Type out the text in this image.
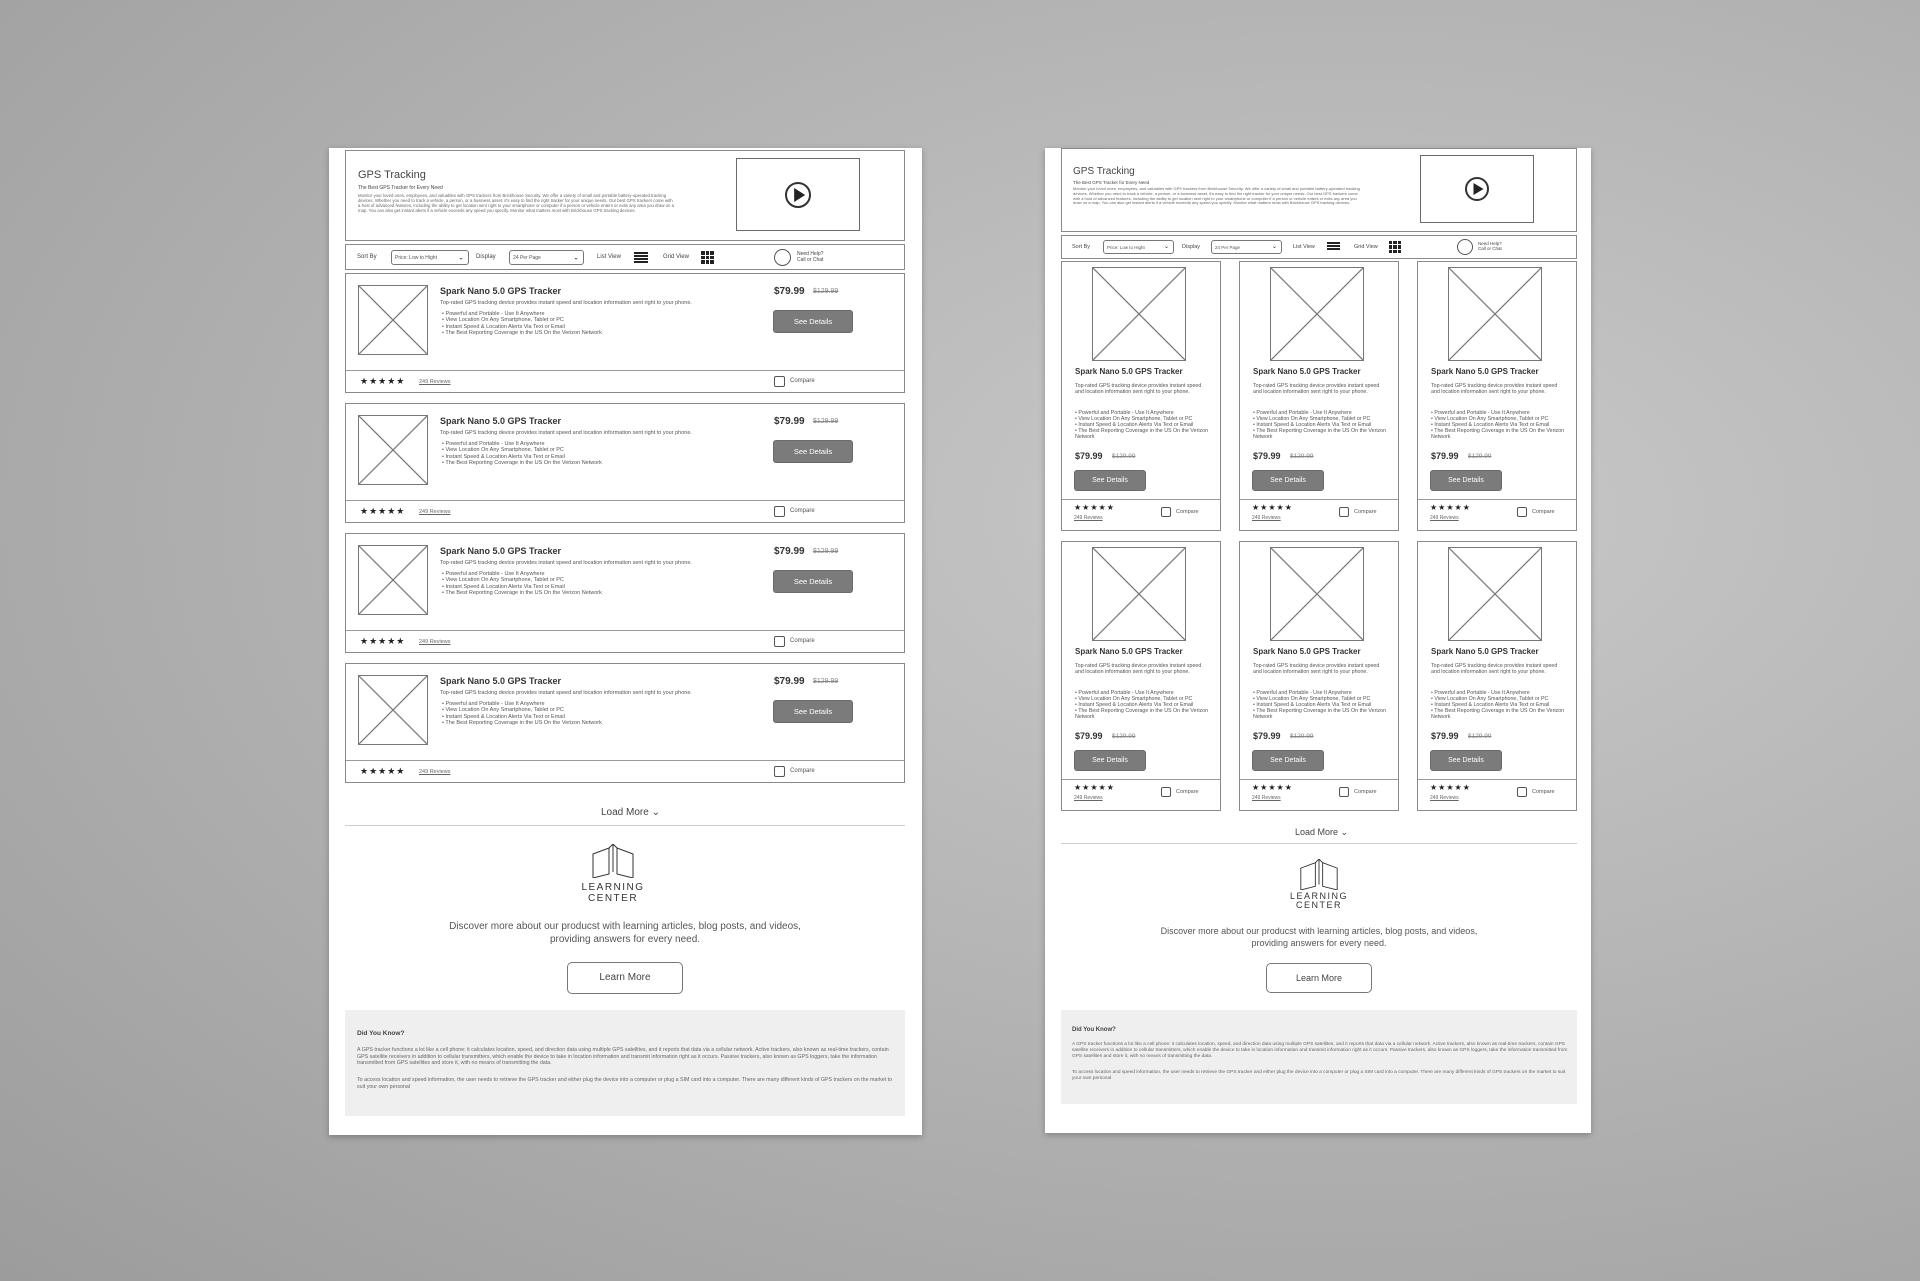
GPS Tracking
The Best GPS Tracker for Every Need
Monitor your loved ones, employees, and valuables with GPS trackers from Brickhouse Security. We offer a variety of small and portable battery-operated tracking devices. Whether you need to track a vehicle, a person, or a business asset, it's easy to find the right tracker for your unique needs. Our best GPS trackers come with a host of advanced features, including the ability to get location sent right to your smartphone or computer if a person or vehicle enters or exits any area you draw on a map. You can also get instant alerts if a vehicle exceeds any speed you specify. Monitor what matters most with Brickhouse GPS tracking devices.
Sort By	Price: Low to Hight	⌄ Display	24 Per Page	⌄	List View	Grid View	Need Help?
Call or Chat
Spark Nano 5.0 GPS Tracker
Top-rated GPS tracking device provides instant speed and location information sent right to your phone.
• Powerful and Portable - Use It Anywhere
• View Location On Any Smartphone, Tablet or PC
• Instant Speed & Location Alerts Via Text or Email
• The Best Reporting Coverage in the US On the Verizon Network
$79.99 $129.99
See Details
★★★★★ 249 Reviews	Compare
Spark Nano 5.0 GPS Tracker
Top-rated GPS tracking device provides instant speed and location information sent right to your phone.
• Powerful and Portable - Use It Anywhere
• View Location On Any Smartphone, Tablet or PC
• Instant Speed & Location Alerts Via Text or Email
• The Best Reporting Coverage in the US On the Verizon Network
$79.99 $129.99
See Details
★★★★★ 249 Reviews	Compare
Spark Nano 5.0 GPS Tracker
Top-rated GPS tracking device provides instant speed and location information sent right to your phone.
• Powerful and Portable - Use It Anywhere
• View Location On Any Smartphone, Tablet or PC
• Instant Speed & Location Alerts Via Text or Email
• The Best Reporting Coverage in the US On the Verizon Network
$79.99 $129.99
See Details
★★★★★ 249 Reviews	Compare
Spark Nano 5.0 GPS Tracker
Top-rated GPS tracking device provides instant speed and location information sent right to your phone.
• Powerful and Portable - Use It Anywhere
• View Location On Any Smartphone, Tablet or PC
• Instant Speed & Location Alerts Via Text or Email
• The Best Reporting Coverage in the US On the Verizon Network
$79.99 $129.99
See Details
★★★★★ 249 Reviews	Compare
Load More ⌄
LEARNING
CENTER
Discover more about our producst with learning articles, blog posts, and videos, providing answers for every need.
Learn More
Did You Know?
A GPS tracker functions a lot like a cell phone: it calculates location, speed, and direction data using multiple GPS satellites, and it reports that data via a cellular network. Active trackers, also known as real-time trackers, contain GPS satellite receivers in addition to cellular transmitters, which enable the device to take in location information and transmit information right as it occurs. Passive trackers, also known as GPS loggers, take the information transmitted from GPS satellites and store it, with no means of transmitting the data.
To access location and speed information, the user needs to retrieve the GPS tracker and either plug the device into a computer or plug a SIM card into a computer. There are many different kinds of GPS trackers on the market to suit your own personal
GPS Tracking
The Best GPS Tracker for Every Need
Monitor your loved ones, employees, and valuables with GPS trackers from Brickhouse Security. We offer a variety of small and portable battery-operated tracking devices. Whether you need to track a vehicle, a person, or a business asset, it's easy to find the right tracker for your unique needs. Our best GPS trackers come with a host of advanced features, including the ability to get location sent right to your smartphone or computer if a person or vehicle enters or exits any area you draw on a map. You can also get instant alerts if a vehicle exceeds any speed you specify. Monitor what matters most with Brickhouse GPS tracking devices.
Sort By	Price: Low to Hight	⌄ Display	24 Per Page	⌄	List View	Grid View
Need Help?
Call or Chat
Spark Nano 5.0 GPS Tracker
Top-rated GPS tracking device provides instant speed and location information sent right to your phone.
• Powerful and Portable - Use It Anywhere
• View Location On Any Smartphone, Tablet or PC
• Instant Speed & Location Alerts Via Text or Email
• The Best Reporting Coverage in the US On the Verizon Network
$79.99 $129.99
See Details
★★★★★
249 Reviews
Compare
Spark Nano 5.0 GPS Tracker
Top-rated GPS tracking device provides instant speed and location information sent right to your phone.
• Powerful and Portable - Use It Anywhere
• View Location On Any Smartphone, Tablet or PC
• Instant Speed & Location Alerts Via Text or Email
• The Best Reporting Coverage in the US On the Verizon Network
$79.99 $129.99
See Details
★★★★★
249 Reviews
Compare
Spark Nano 5.0 GPS Tracker
Top-rated GPS tracking device provides instant speed and location information sent right to your phone.
• Powerful and Portable - Use It Anywhere
• View Location On Any Smartphone, Tablet or PC
• Instant Speed & Location Alerts Via Text or Email
• The Best Reporting Coverage in the US On the Verizon Network
$79.99 $129.99
See Details
★★★★★
249 Reviews
Compare
Spark Nano 5.0 GPS Tracker
Top-rated GPS tracking device provides instant speed and location information sent right to your phone.
• Powerful and Portable - Use It Anywhere
• View Location On Any Smartphone, Tablet or PC
• Instant Speed & Location Alerts Via Text or Email
• The Best Reporting Coverage in the US On the Verizon Network
$79.99 $129.99
See Details
★★★★★
249 Reviews
Compare
Spark Nano 5.0 GPS Tracker
Top-rated GPS tracking device provides instant speed and location information sent right to your phone.
• Powerful and Portable - Use It Anywhere
• View Location On Any Smartphone, Tablet or PC
• Instant Speed & Location Alerts Via Text or Email
• The Best Reporting Coverage in the US On the Verizon Network
$79.99 $129.99
See Details
★★★★★
249 Reviews
Compare
Spark Nano 5.0 GPS Tracker
Top-rated GPS tracking device provides instant speed and location information sent right to your phone.
• Powerful and Portable - Use It Anywhere
• View Location On Any Smartphone, Tablet or PC
• Instant Speed & Location Alerts Via Text or Email
• The Best Reporting Coverage in the US On the Verizon Network
$79.99 $129.99
See Details
★★★★★
249 Reviews
Compare
Load More ⌄
LEARNING
CENTER
Discover more about our producst with learning articles, blog posts, and videos, providing answers for every need.
Learn More
Did You Know?
A GPS tracker functions a lot like a cell phone: it calculates location, speed, and direction data using multiple GPS satellites, and it reports that data via a cellular network. Active trackers, also known as real-time trackers, contain GPS satellite receivers in addition to cellular transmitters, which enable the device to take in location information and transmit information right as it occurs. Passive trackers, also known as GPS loggers, take the information transmitted from GPS satellites and store it, with no means of transmitting the data.
To access location and speed information, the user needs to retrieve the GPS tracker and either plug the device into a computer or plug a SIM card into a computer. There are many different kinds of GPS trackers on the market to suit your own personal
